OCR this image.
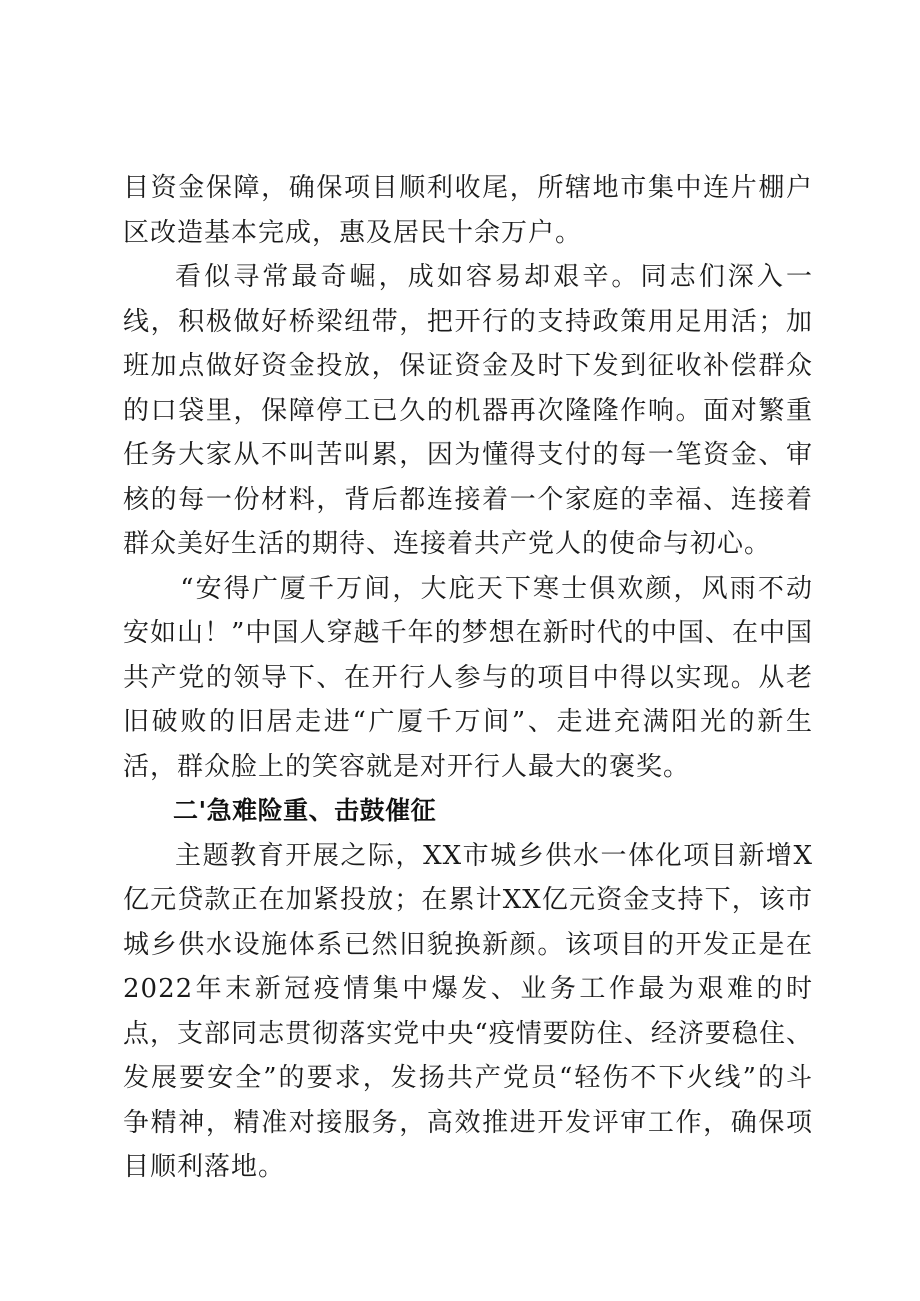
目资金保障，确保项目顺利收尾，所辖地市集中连片棚户区改造基本完成，惠及居民十余万户。

看似寻常最奇崛，成如容易却艰辛。同志们深入一线，积极做好桥梁纽带，把开行的支持政策用足用活；加班加点做好资金投放，保证资金及时下发到征收补偿群众的口袋里，保障停工已久的机器再次隆隆作响。面对繁重任务大家从不叫苦叫累，因为懂得支付的每一笔资金、审核的每一份材料，背后都连接着一个家庭的幸福、连接着群众美好生活的期待、连接着共产党人的使命与初心。

“安得广厦千万间，大庇天下寒士俱欢颜，风雨不动安如山！”中国人穿越千年的梦想在新时代的中国、在中国共产党的领导下、在开行人参与的项目中得以实现。从老旧破败的旧居走进“广厦千万间”、走进充满阳光的新生活，群众脸上的笑容就是对开行人最大的褒奖。

二'急难险重、击鼓催征

主题教育开展之际，XX市城乡供水一体化项目新增X亿元贷款正在加紧投放；在累计XX亿元资金支持下，该市城乡供水设施体系已然旧貌换新颜。该项目的开发正是在2022年末新冠疫情集中爆发、业务工作最为艰难的时点，支部同志贯彻落实党中央“疫情要防住、经济要稳住、发展要安全”的要求，发扬共产党员“轻伤不下火线”的斗争精神，精准对接服务，高效推进开发评审工作，确保项目顺利落地。
